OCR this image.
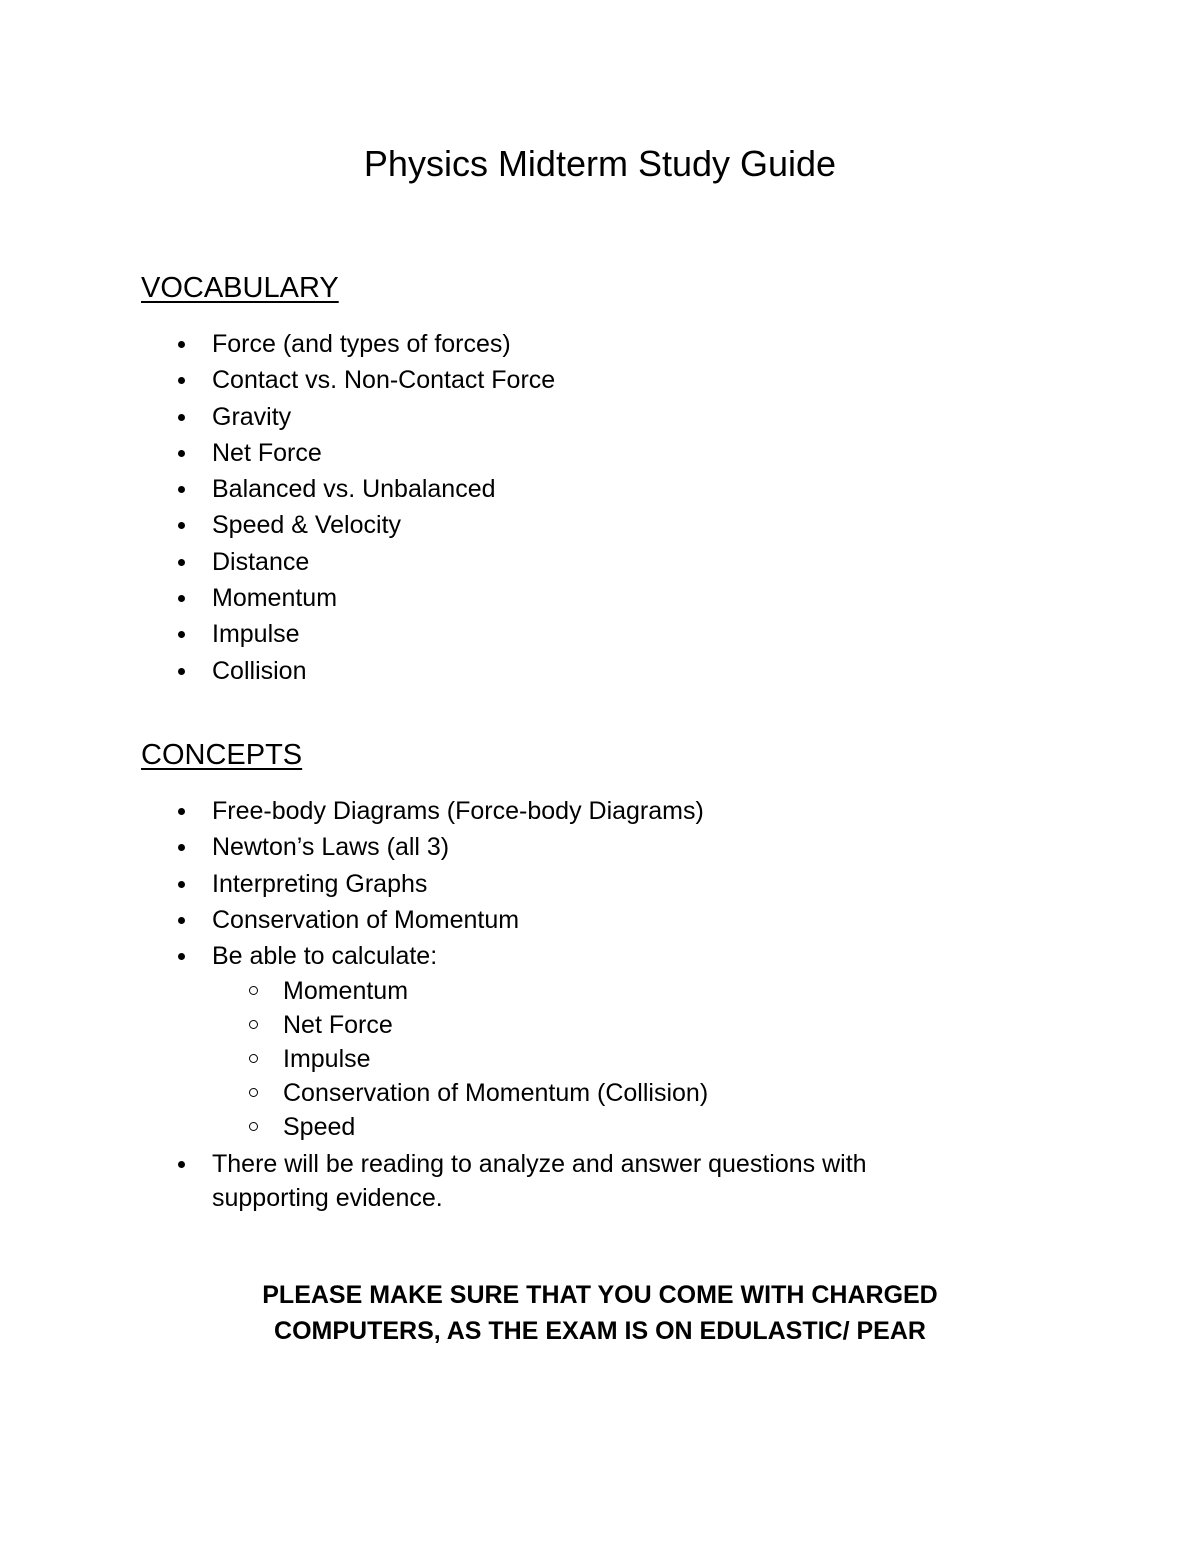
Physics Midterm Study Guide
VOCABULARY
Force (and types of forces)
Contact vs. Non-Contact Force
Gravity
Net Force
Balanced vs. Unbalanced
Speed & Velocity
Distance
Momentum
Impulse
Collision
CONCEPTS
Free-body Diagrams (Force-body Diagrams)
Newton’s Laws (all 3)
Interpreting Graphs
Conservation of Momentum
Be able to calculate:
Momentum
Net Force
Impulse
Conservation of Momentum (Collision)
Speed
There will be reading to analyze and answer questions with supporting evidence.

PLEASE MAKE SURE THAT YOU COME WITH CHARGED
COMPUTERS, AS THE EXAM IS ON EDULASTIC/ PEAR
